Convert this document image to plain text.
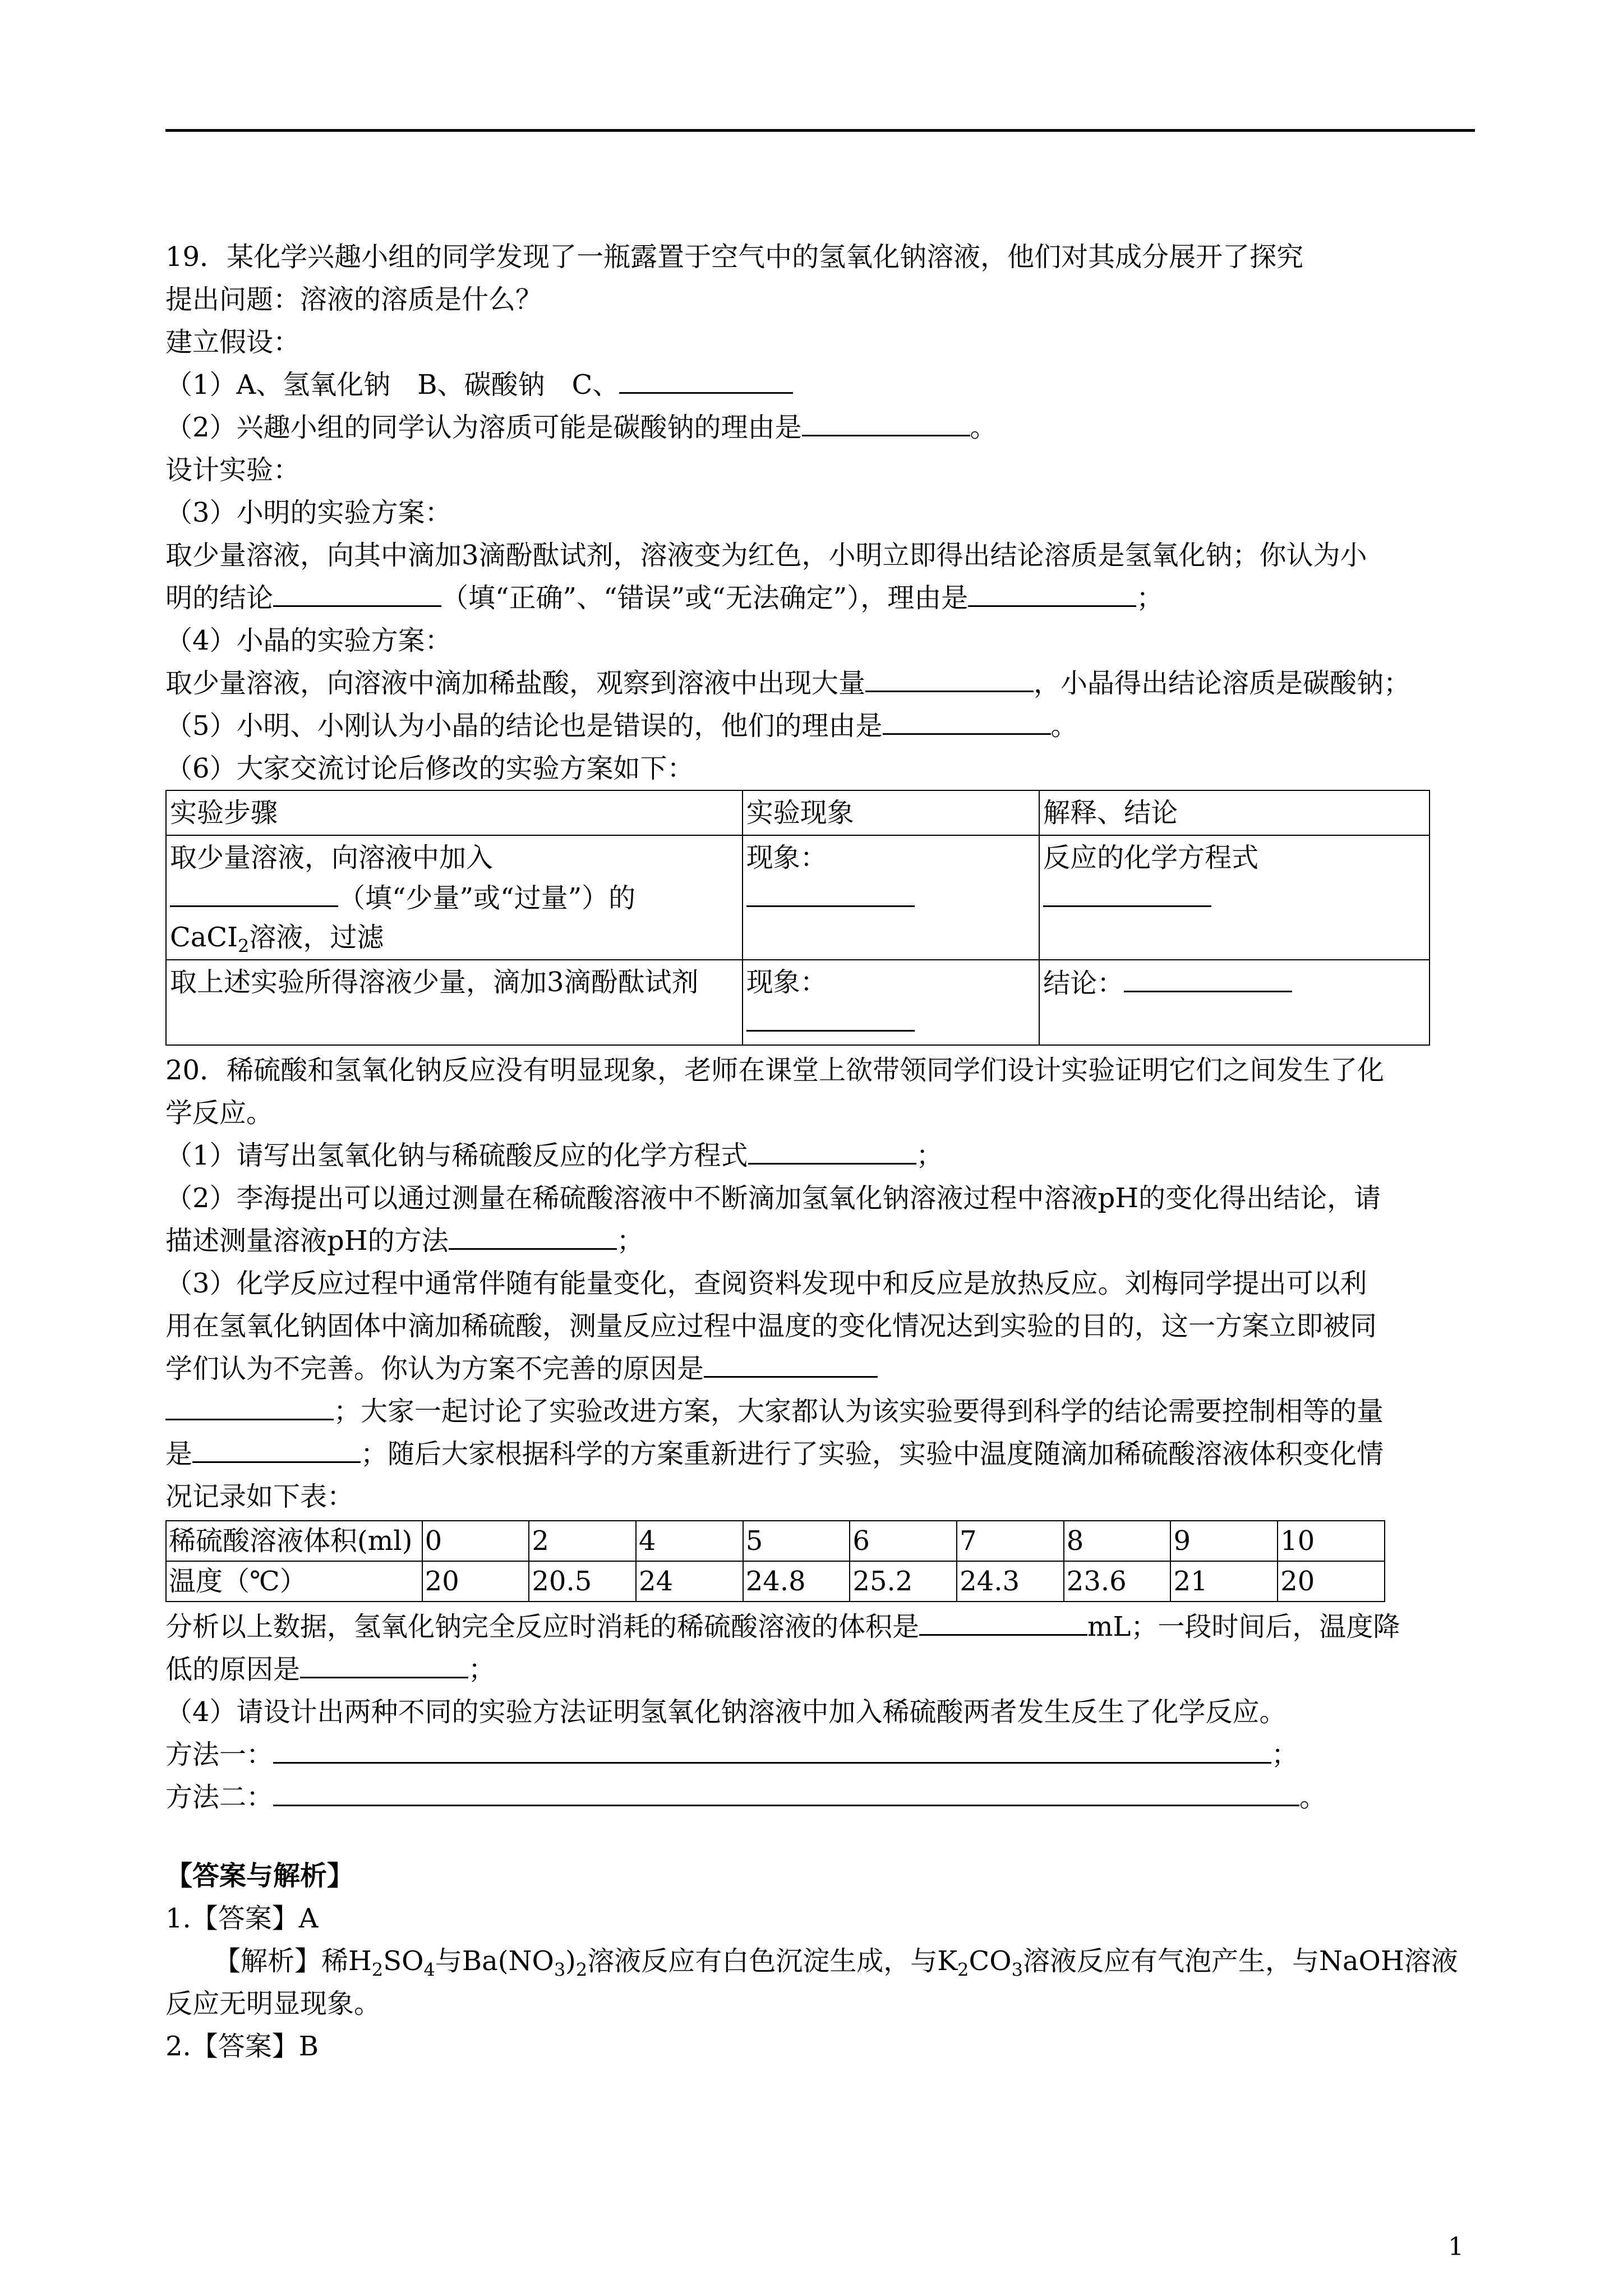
19．某化学兴趣小组的同学发现了一瓶露置于空气中的氢氧化钠溶液，他们对其成分展开了探究
提出问题：溶液的溶质是什么？
建立假设：
（1）A、氢氧化钠　B、碳酸钠　C、
（2）兴趣小组的同学认为溶质可能是碳酸钠的理由是	。
设计实验：
（3）小明的实验方案：
取少量溶液，向其中滴加3滴酚酞试剂，溶液变为红色，小明立即得出结论溶质是氢氧化钠；你认为小
明的结论	（填“正确”、“错误”或“无法确定”），理由是	；
（4）小晶的实验方案：
取少量溶液，向溶液中滴加稀盐酸，观察到溶液中出现大量	，小晶得出结论溶质是碳酸钠；
（5）小明、小刚认为小晶的结论也是错误的，他们的理由是	。
（6）大家交流讨论后修改的实验方案如下：
实验步骤	实验现象	解释、结论

取少量溶液，向溶液中加入
（填“少量”或“过量”）的
CaCI$_2$溶液，过滤	现象：	反应的化学方程式

取上述实验所得溶液少量，滴加3滴酚酞试剂	现象：	结论：
20．稀硫酸和氢氧化钠反应没有明显现象，老师在课堂上欲带领同学们设计实验证明它们之间发生了化
学反应。
（1）请写出氢氧化钠与稀硫酸反应的化学方程式	；
（2）李海提出可以通过测量在稀硫酸溶液中不断滴加氢氧化钠溶液过程中溶液pH的变化得出结论，请
描述测量溶液pH的方法	；
（3）化学反应过程中通常伴随有能量变化，查阅资料发现中和反应是放热反应。刘梅同学提出可以利
用在氢氧化钠固体中滴加稀硫酸，测量反应过程中温度的变化情况达到实验的目的，这一方案立即被同
学们认为不完善。你认为方案不完善的原因是
；大家一起讨论了实验改进方案，大家都认为该实验要得到科学的结论需要控制相等的量
是	；随后大家根据科学的方案重新进行了实验，实验中温度随滴加稀硫酸溶液体积变化情
况记录如下表：
稀硫酸溶液体积(ml)	0	2	4	5	6	7	8	9	10
温度（℃）	20	20.5	24	24.8	25.2	24.3	23.6	21	20
分析以上数据，氢氧化钠完全反应时消耗的稀硫酸溶液的体积是	mL；一段时间后，温度降
低的原因是	；
（4）请设计出两种不同的实验方法证明氢氧化钠溶液中加入稀硫酸两者发生反生了化学反应。
方法一：	；
方法二：	。
【答案与解析】
1.【答案】A
【解析】稀$H_2SO_4$与$Ba(NO_3)_2$溶液反应有白色沉淀生成，与$K_2CO_3$溶液反应有气泡产生，与NaOH溶液
反应无明显现象。
2.【答案】B
1
